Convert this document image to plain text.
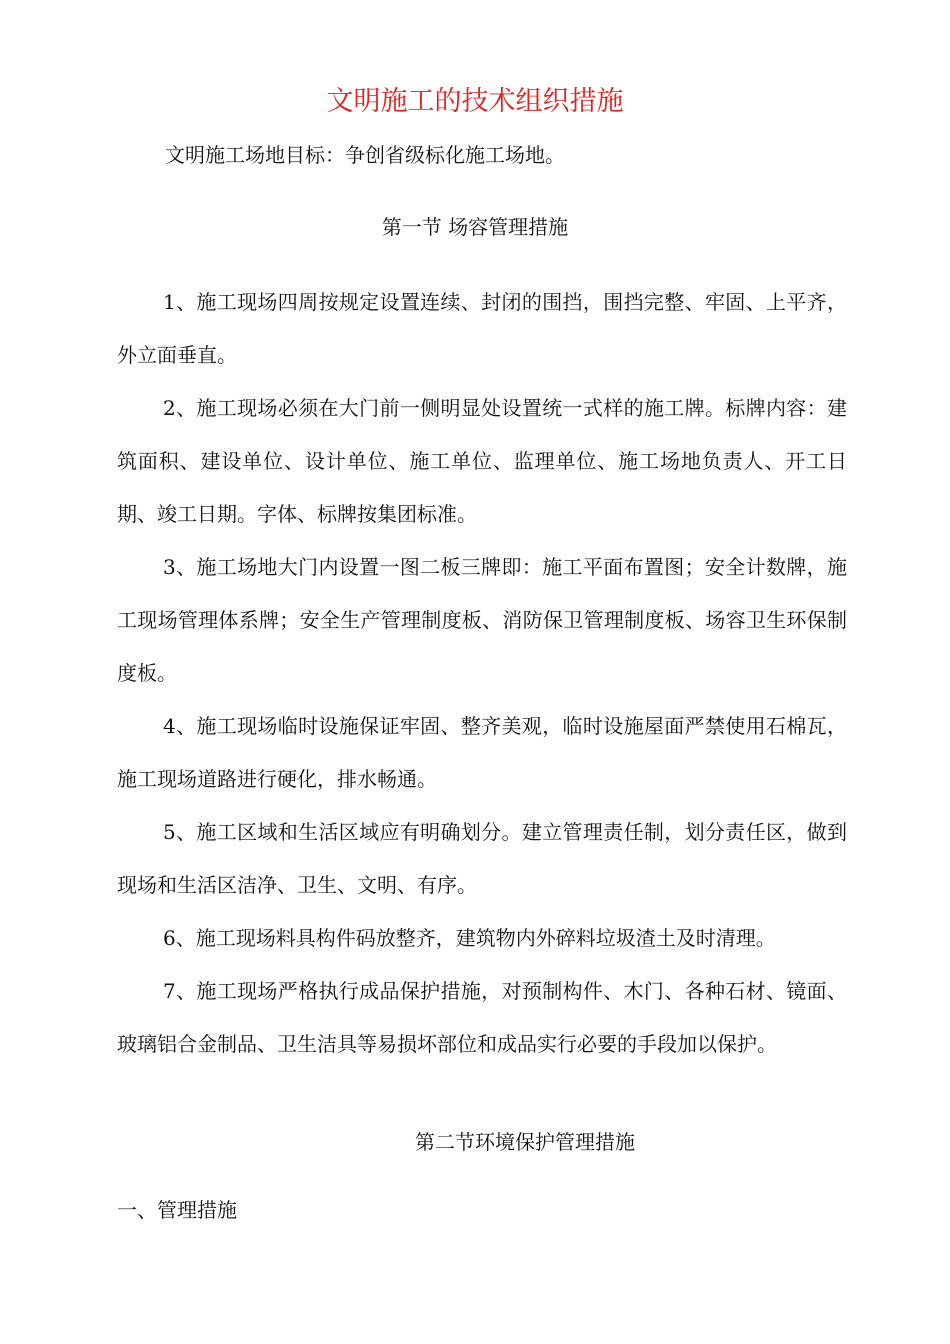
文明施工的技术组织措施
文明施工场地目标：争创省级标化施工场地。
第一节 场容管理措施

1、施工现场四周按规定设置连续、封闭的围挡，围挡完整、牢固、上平齐，外立面垂直。

2、施工现场必须在大门前一侧明显处设置统一式样的施工牌。标牌内容：建筑面积、建设单位、设计单位、施工单位、监理单位、施工场地负责人、开工日期、竣工日期。字体、标牌按集团标准。

3、施工场地大门内设置一图二板三牌即：施工平面布置图；安全计数牌，施工现场管理体系牌；安全生产管理制度板、消防保卫管理制度板、场容卫生环保制度板。

4、施工现场临时设施保证牢固、整齐美观，临时设施屋面严禁使用石棉瓦，施工现场道路进行硬化，排水畅通。

5、施工区域和生活区域应有明确划分。建立管理责任制，划分责任区，做到现场和生活区洁净、卫生、文明、有序。

6、施工现场料具构件码放整齐，建筑物内外碎料垃圾渣土及时清理。

7、施工现场严格执行成品保护措施，对预制构件、木门、各种石材、镜面、玻璃铝合金制品、卫生洁具等易损坏部位和成品实行必要的手段加以保护。

第二节环境保护管理措施
一、管理措施
